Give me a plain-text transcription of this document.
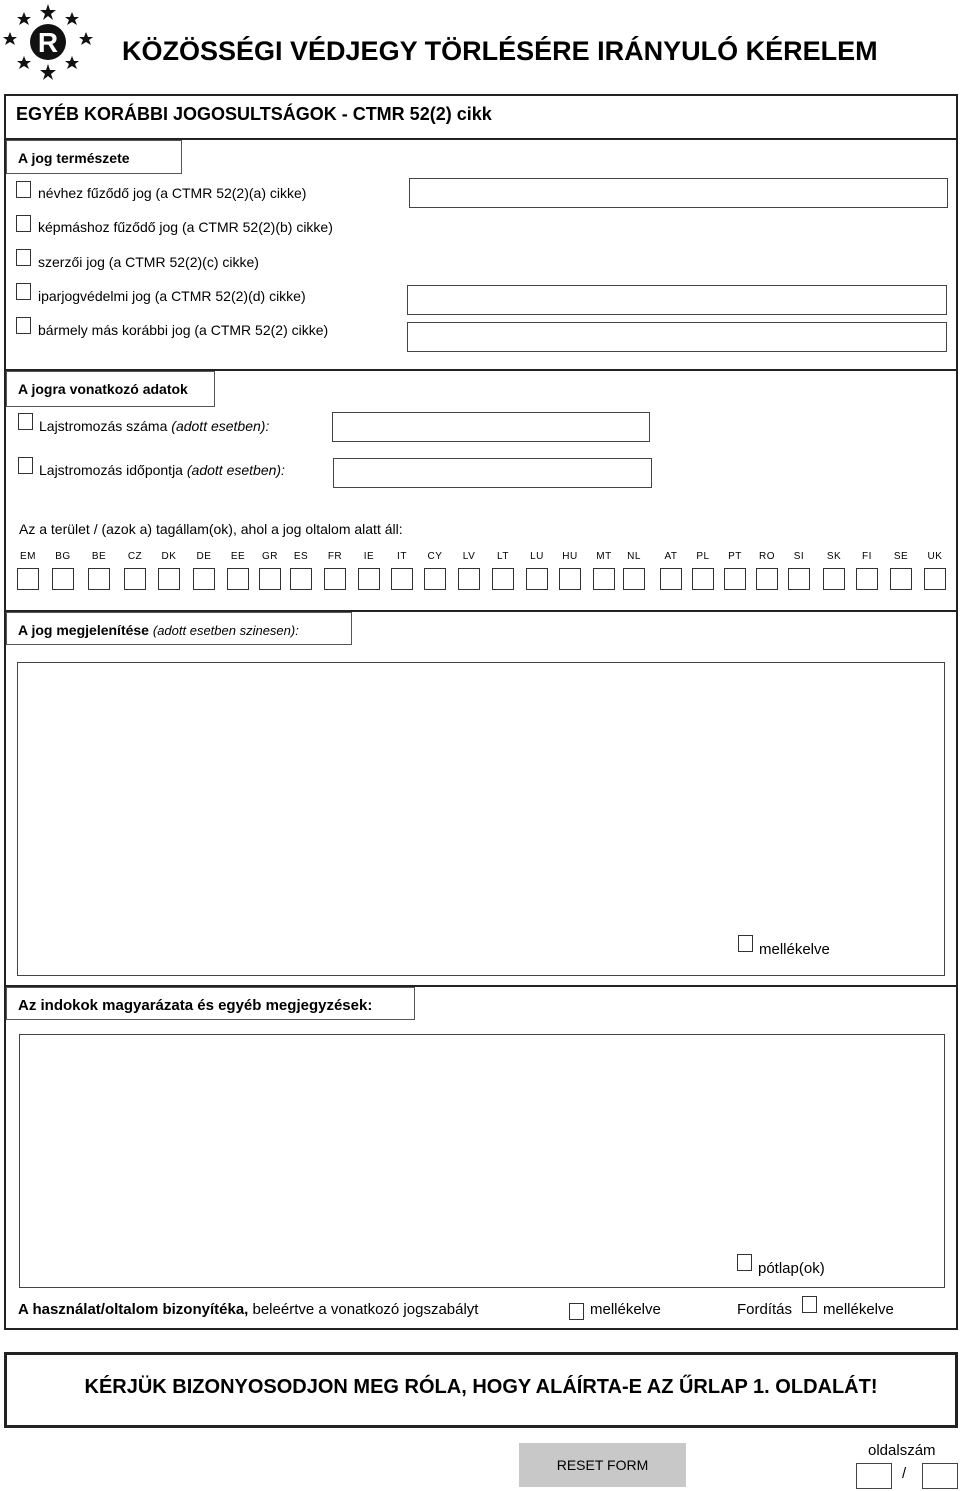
R KÖZÖSSÉGI VÉDJEGY TÖRLÉSÉRE IRÁNYULÓ KÉRELEM
EGYÉB KORÁBBI JOGOSULTSÁGOK - CTMR 52(2) cikk
A jog természete
névhez fűződő jog (a CTMR 52(2)(a) cikke)
képmáshoz fűződő jog (a CTMR 52(2)(b) cikke)
szerzői jog (a CTMR 52(2)(c) cikke)
iparjogvédelmi jog (a CTMR 52(2)(d) cikke)
bármely más korábbi jog (a CTMR 52(2) cikke)
A jogra vonatkozó adatok
Lajstromozás száma (adott esetben):
Lajstromozás időpontja (adott esetben):
Az a terület / (azok a) tagállam(ok), ahol a jog oltalom alatt áll:
EM	BG	BE	CZ	DK	DE	EE	GR	ES	FR	IE	IT	CY	LV	LT	LU	HU	MT	NL	AT	PL	PT	RO	SI	SK	FI	SE	UK
A jog megjelenítése (adott esetben szinesen):
mellékelve
Az indokok magyarázata és egyéb megjegyzések:
pótlap(ok)
A használat/oltalom bizonyítéka, beleértve a vonatkozó jogszabályt	mellékelve	Fordítás mellékelve
KÉRJÜK BIZONYOSODJON MEG RÓLA, HOGY ALÁÍRTA-E AZ ŰRLAP 1. OLDALÁT!
RESET FORM
oldalszám
/
